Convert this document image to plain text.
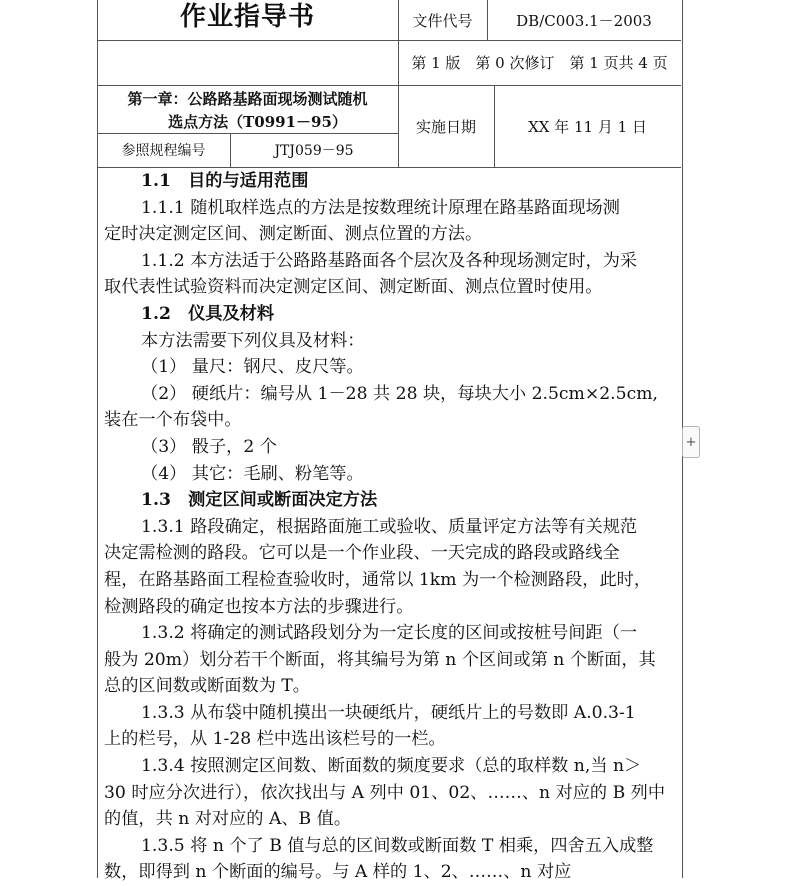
作业指导书	文件代号	DB/C003.1－2003
第 1 版　第 0 次修订　第 1 页共 4 页
第一章：公路路基路面现场测试随机
选点方法（T0991－95）	实施日期	XX 年 11 月 1 日
参照规程编号	JTJ059－95
1.1　目的与适用范围
1.1.1 随机取样选点的方法是按数理统计原理在路基路面现场测
定时决定测定区间、测定断面、测点位置的方法。
1.1.2 本方法适于公路路基路面各个层次及各种现场测定时，为采
取代表性试验资料而决定测定区间、测定断面、测点位置时使用。
1.2　仪具及材料
本方法需要下列仪具及材料：
（1） 量尺：钢尺、皮尺等。
（2） 硬纸片：编号从 1－28 共 28 块，每块大小 2.5cm×2.5cm,
装在一个布袋中。
（3） 骰子，2 个
（4） 其它：毛刷、粉笔等。
1.3　测定区间或断面决定方法
1.3.1 路段确定，根据路面施工或验收、质量评定方法等有关规范
决定需检测的路段。它可以是一个作业段、一天完成的路段或路线全
程，在路基路面工程检查验收时，通常以 1km 为一个检测路段，此时，
检测路段的确定也按本方法的步骤进行。
1.3.2 将确定的测试路段划分为一定长度的区间或按桩号间距（一
般为 20m）划分若干个断面，将其编号为第 n 个区间或第 n 个断面，其
总的区间数或断面数为 T。
1.3.3 从布袋中随机摸出一块硬纸片，硬纸片上的号数即 A.0.3-1
上的栏号，从 1-28 栏中选出该栏号的一栏。
1.3.4 按照测定区间数、断面数的频度要求（总的取样数 n,当 n＞
30 时应分次进行），依次找出与 A 列中 01、02、……、n 对应的 B 列中
的值，共 n 对对应的 A、B 值。
1.3.5 将 n 个了 B 值与总的区间数或断面数 T 相乘，四舍五入成整
数，即得到 n 个断面的编号。与 A 样的 1、2、……、n 对应
+
